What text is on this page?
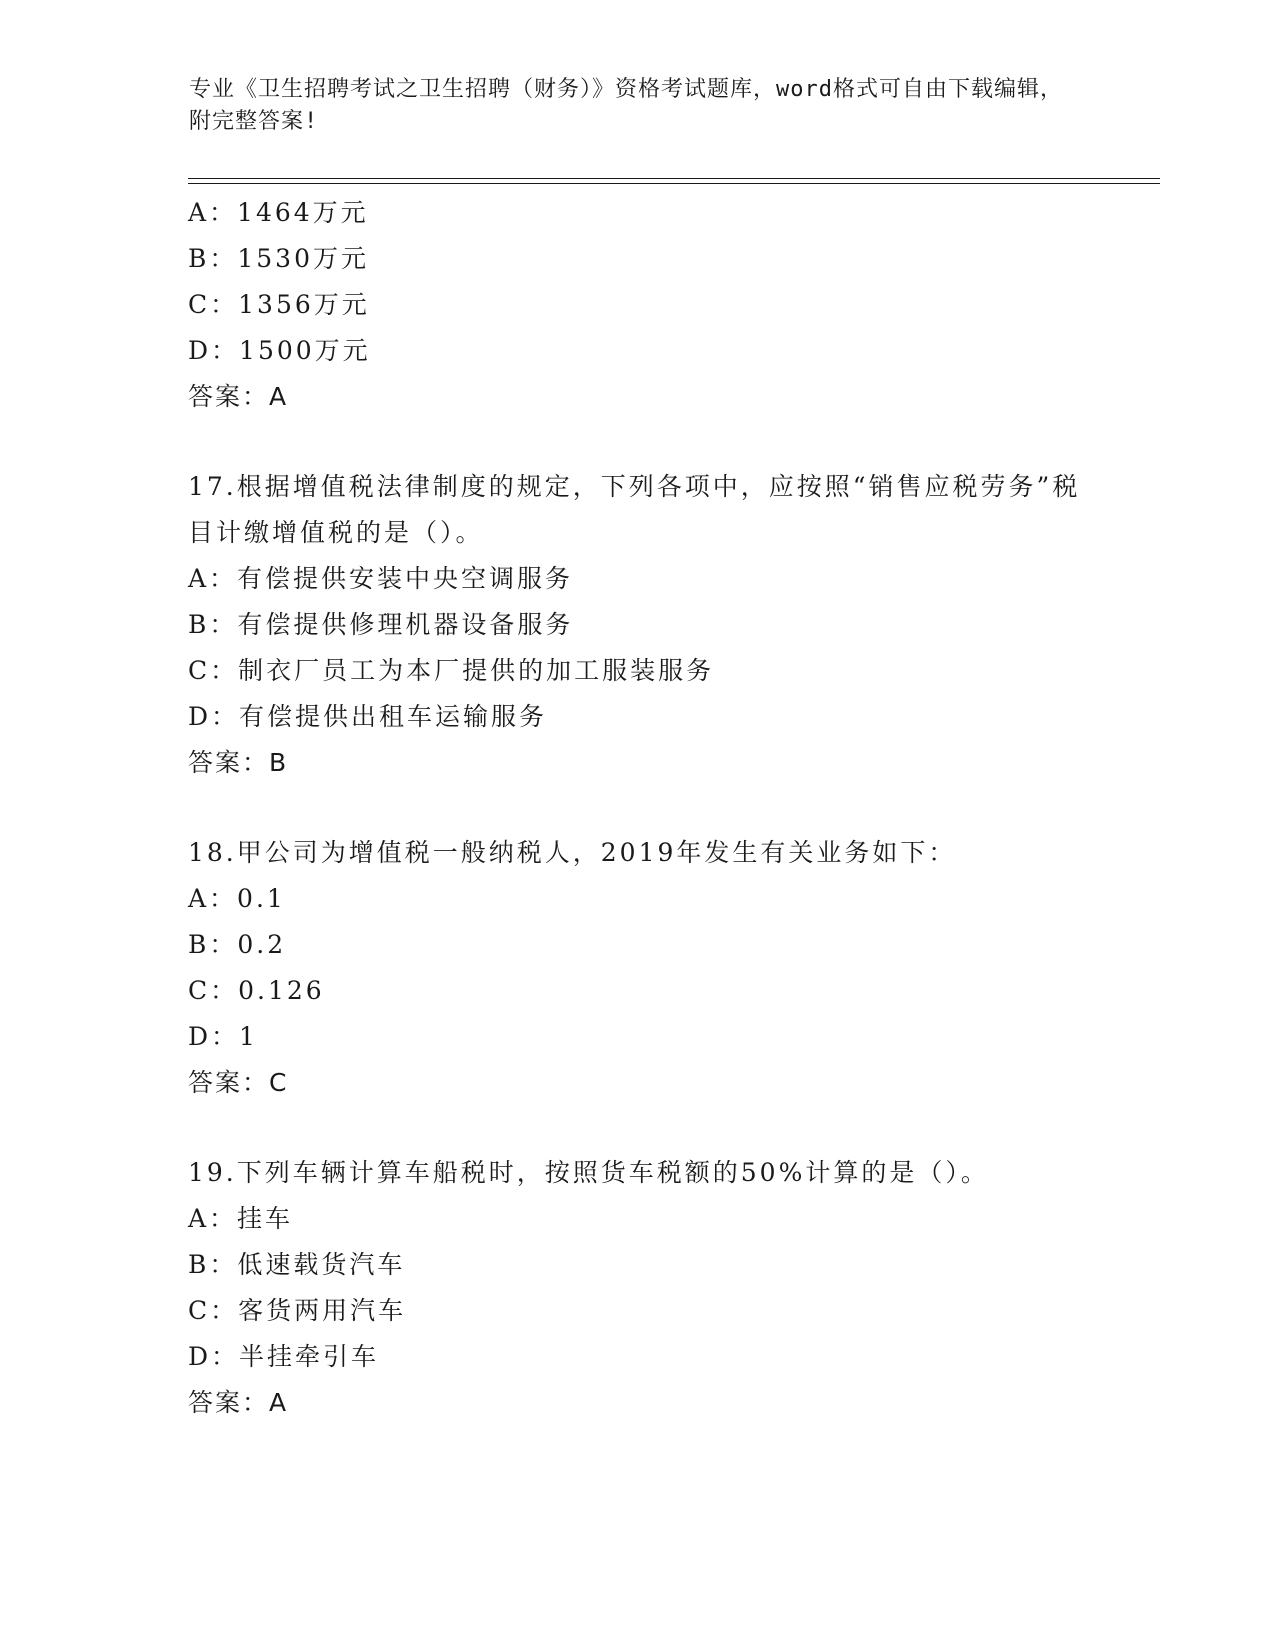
专业《卫生招聘考试之卫生招聘（财务）》资格考试题库，word格式可自由下载编辑，附完整答案!
A：1464万元
B：1530万元
C：1356万元
D：1500万元
答案：A
17.根据增值税法律制度的规定，下列各项中，应按照“销售应税劳务”税目计缴增值税的是（）。
A：有偿提供安装中央空调服务
B：有偿提供修理机器设备服务
C：制衣厂员工为本厂提供的加工服装服务
D：有偿提供出租车运输服务
答案：B
18.甲公司为增值税一般纳税人，2019年发生有关业务如下：
A：0.1
B：0.2
C：0.126
D：1
答案：C
19.下列车辆计算车船税时，按照货车税额的50%计算的是（）。
A：挂车
B：低速载货汽车
C：客货两用汽车
D：半挂牵引车
答案：A
